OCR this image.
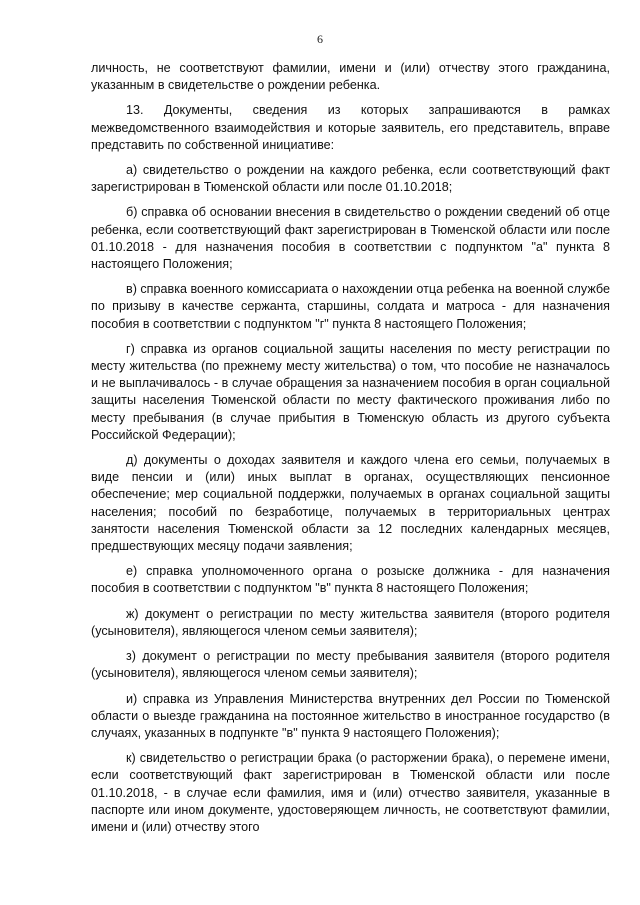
6

личность, не соответствуют фамилии, имени и (или) отчеству этого гражданина, указанным в свидетельстве о рождении ребенка.

13. Документы, сведения из которых запрашиваются в рамках межведомственного взаимодействия и которые заявитель, его представитель, вправе представить по собственной инициативе:

а) свидетельство о рождении на каждого ребенка, если соответствующий факт зарегистрирован в Тюменской области или после 01.10.2018;

б) справка об основании внесения в свидетельство о рождении сведений об отце ребенка, если соответствующий факт зарегистрирован в Тюменской области или после 01.10.2018 - для назначения пособия в соответствии с подпунктом "а" пункта 8 настоящего Положения;

в) справка военного комиссариата о нахождении отца ребенка на военной службе по призыву в качестве сержанта, старшины, солдата и матроса - для назначения пособия в соответствии с подпунктом "г" пункта 8 настоящего Положения;

г) справка из органов социальной защиты населения по месту регистрации по месту жительства (по прежнему месту жительства) о том, что пособие не назначалось и не выплачивалось - в случае обращения за назначением пособия в орган социальной защиты населения Тюменской области по месту фактического проживания либо по месту пребывания (в случае прибытия в Тюменскую область из другого субъекта Российской Федерации);

д) документы о доходах заявителя и каждого члена его семьи, получаемых в виде пенсии и (или) иных выплат в органах, осуществляющих пенсионное обеспечение; мер социальной поддержки, получаемых в органах социальной защиты населения; пособий по безработице, получаемых в территориальных центрах занятости населения Тюменской области за 12 последних календарных месяцев, предшествующих месяцу подачи заявления;

е) справка уполномоченного органа о розыске должника - для назначения пособия в соответствии с подпунктом "в" пункта 8 настоящего Положения;

ж) документ о регистрации по месту жительства заявителя (второго родителя (усыновителя), являющегося членом семьи заявителя);

з) документ о регистрации по месту пребывания заявителя (второго родителя (усыновителя), являющегося членом семьи заявителя);

и) справка из Управления Министерства внутренних дел России по Тюменской области о выезде гражданина на постоянное жительство в иностранное государство (в случаях, указанных в подпункте "в" пункта 9 настоящего Положения);

к) свидетельство о регистрации брака (о расторжении брака), о перемене имени, если соответствующий факт зарегистрирован в Тюменской области или после 01.10.2018, - в случае если фамилия, имя и (или) отчество заявителя, указанные в паспорте или ином документе, удостоверяющем личность, не соответствуют фамилии, имени и (или) отчеству этого
